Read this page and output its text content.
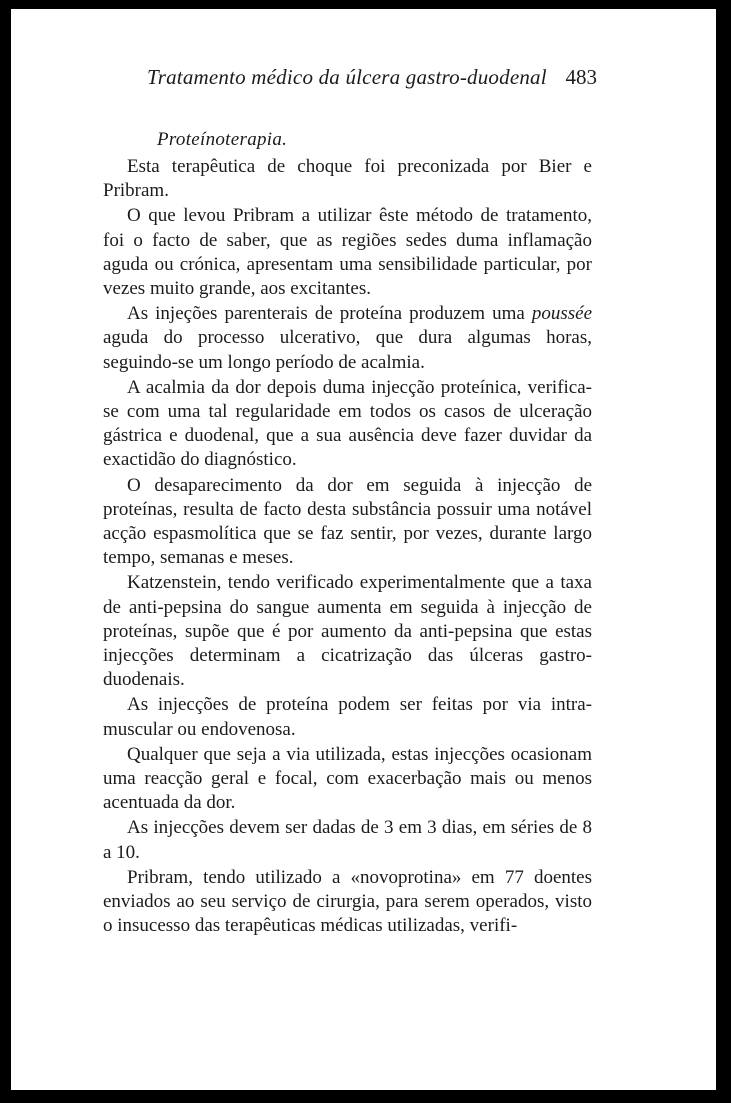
Tratamento médico da úlcera gastro-duodenal 483
Proteínoterapia.

Esta terapêutica de choque foi preconizada por Bier e Pribram.

O que levou Pribram a utilizar êste método de tratamento, foi o facto de saber, que as regiões sedes duma inflamação aguda ou crónica, apresentam uma sensibilidade particular, por vezes muito grande, aos excitantes.

As injeções parenterais de proteína produzem uma poussée aguda do processo ulcerativo, que dura algumas horas, seguindo-se um longo período de acalmia.

A acalmia da dor depois duma injecção proteínica, verifica-se com uma tal regularidade em todos os casos de ulceração gástrica e duodenal, que a sua ausência deve fazer duvidar da exactidão do diagnóstico.

O desaparecimento da dor em seguida à injecção de proteínas, resulta de facto desta substância possuir uma notável acção espasmolítica que se faz sentir, por vezes, durante largo tempo, semanas e meses.

Katzenstein, tendo verificado experimentalmente que a taxa de anti-pepsina do sangue aumenta em seguida à injecção de proteínas, supõe que é por aumento da anti-pepsina que estas injecções determinam a cicatrização das úlceras gastro-duodenais.

As injecções de proteína podem ser feitas por via intra-muscular ou endovenosa.

Qualquer que seja a via utilizada, estas injecções ocasionam uma reacção geral e focal, com exacerbação mais ou menos acentuada da dor.

As injecções devem ser dadas de 3 em 3 dias, em séries de 8 a 10.

Pribram, tendo utilizado a «novoprotina» em 77 doentes enviados ao seu serviço de cirurgia, para serem operados, visto o insucesso das terapêuticas médicas utilizadas, verifi-
